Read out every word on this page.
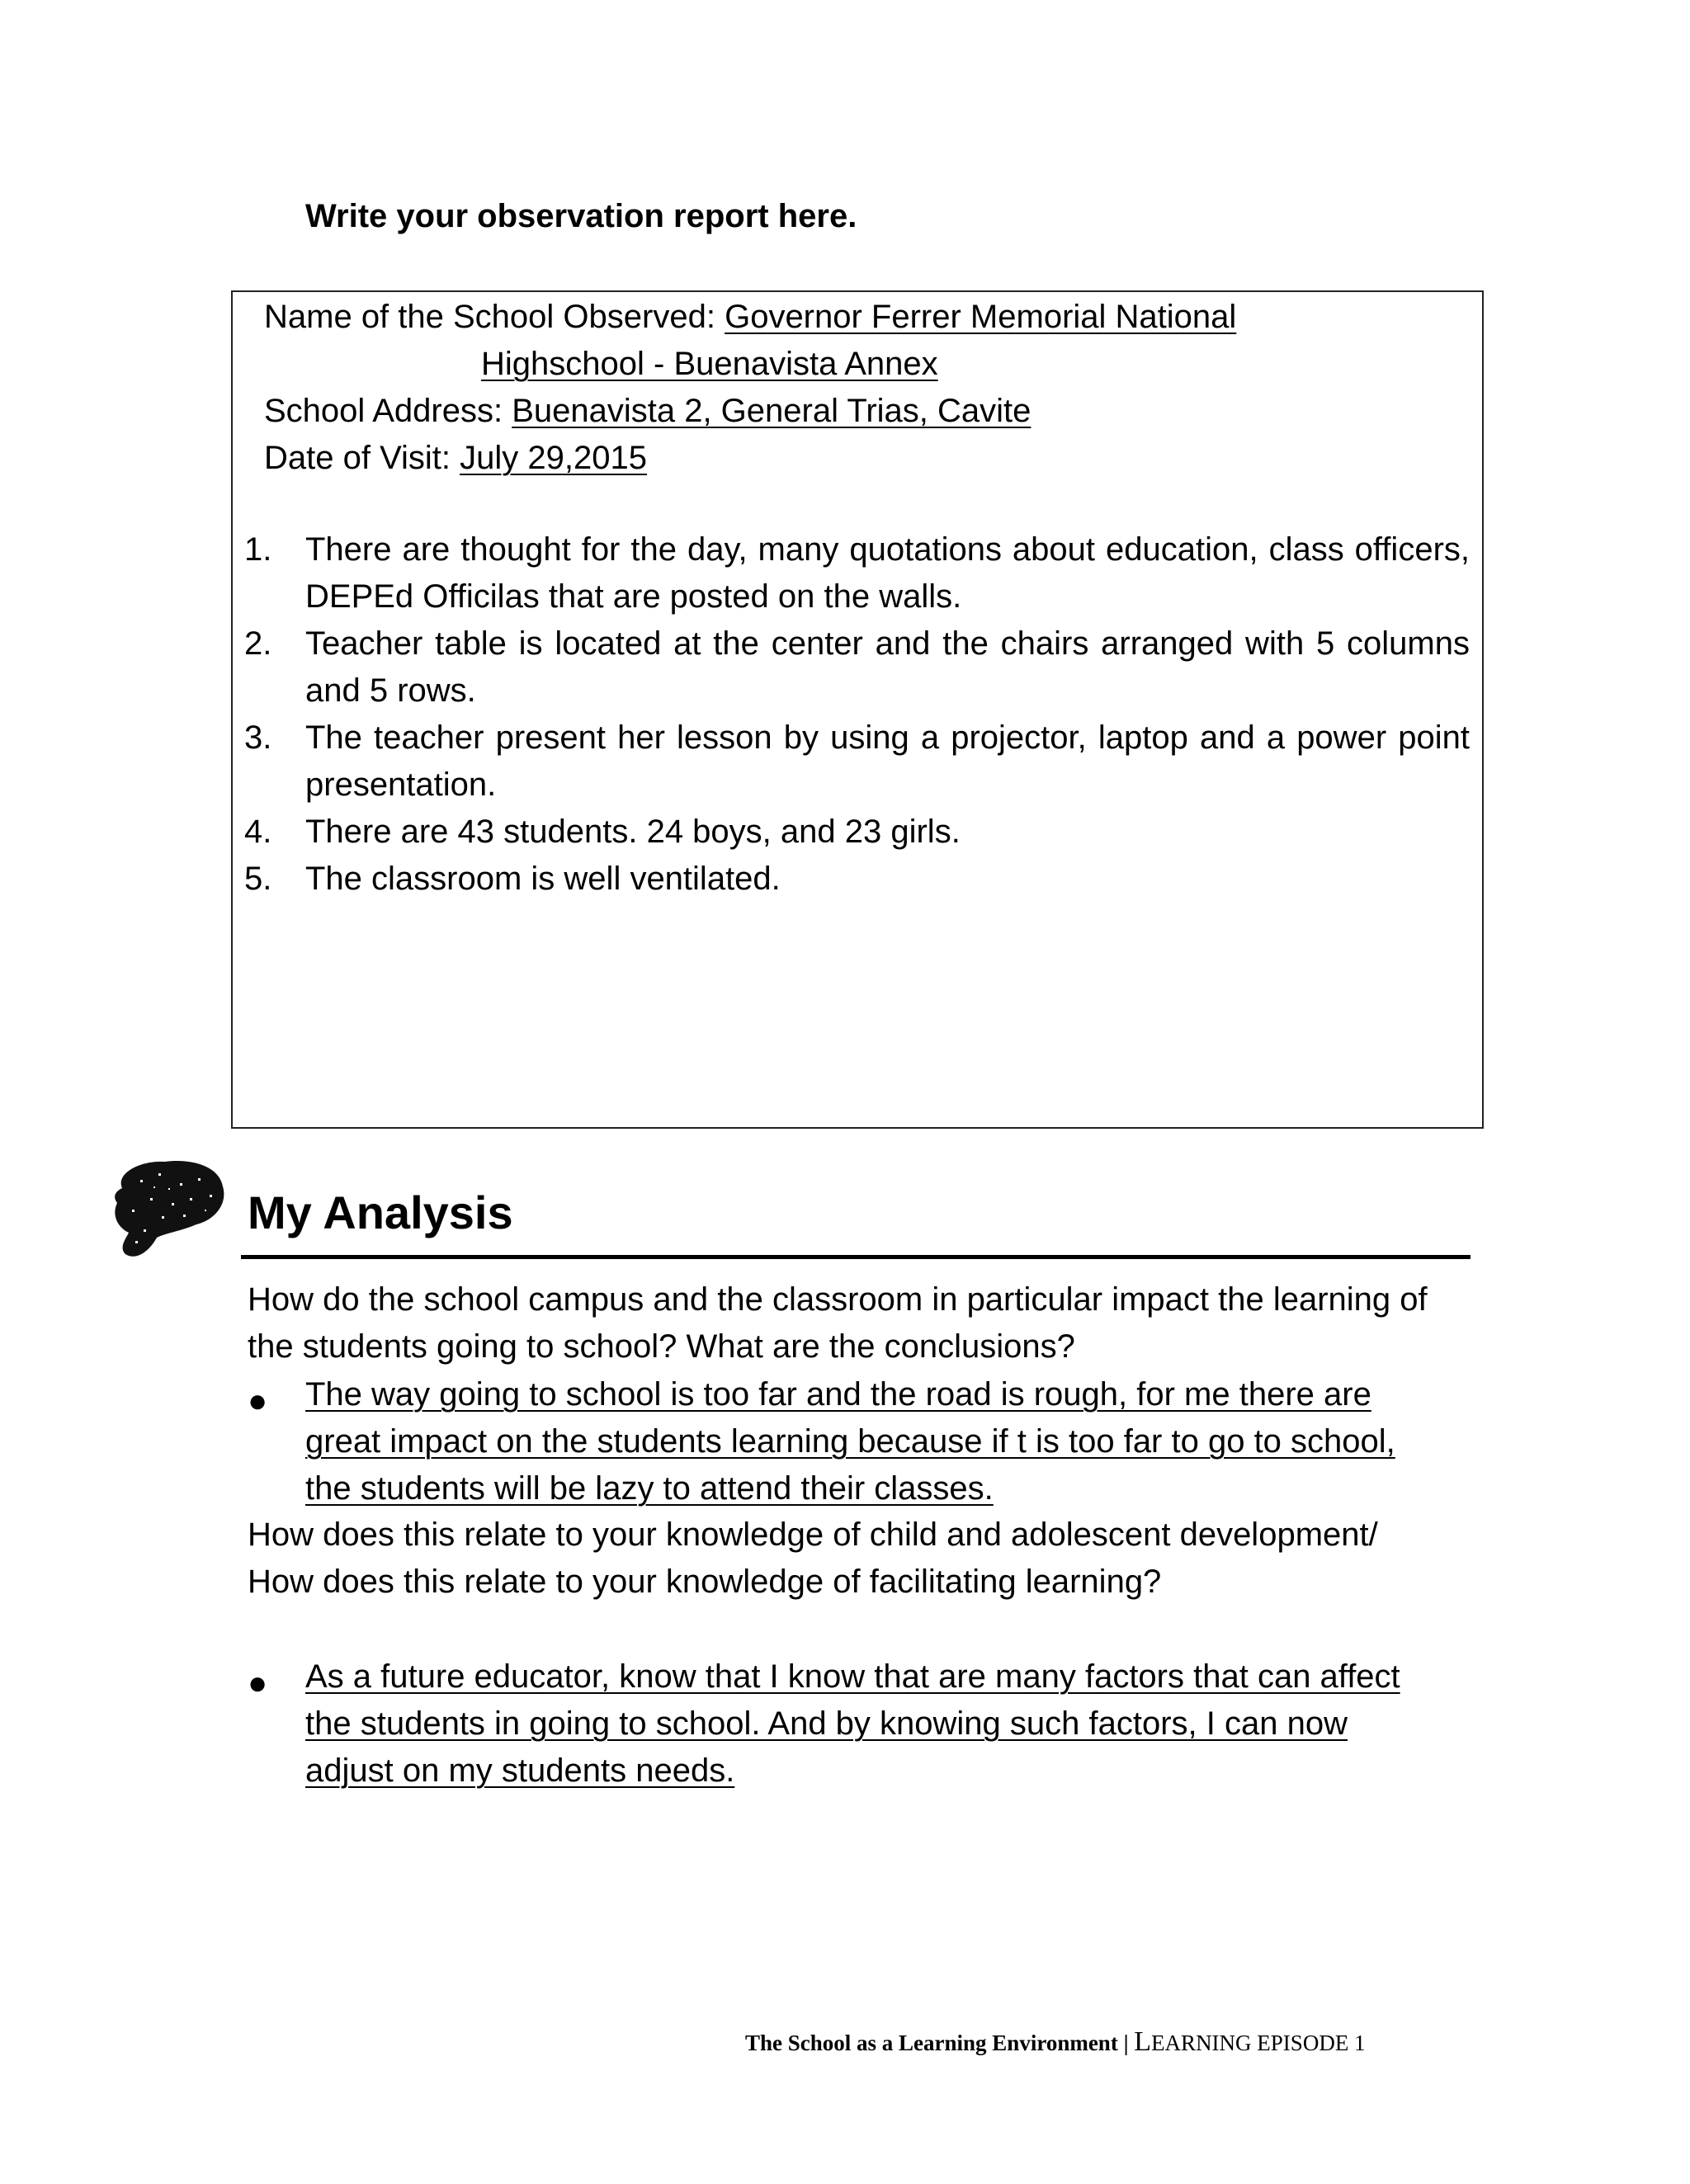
Write your observation report here.
Name of the School Observed: Governor Ferrer Memorial National
Highschool - Buenavista Annex
School Address: Buenavista 2, General Trias, Cavite
Date of Visit: July 29,2015
1. There are thought for the day, many quotations about education, class officers, DEPEd Officilas that are posted on the walls.
2. Teacher table is located at the center and the chairs arranged with 5 columns and 5 rows.
3. The teacher present her lesson by using a projector, laptop and a power point presentation.
4. There are 43 students. 24 boys, and 23 girls.
5. The classroom is well ventilated.
My Analysis
How do the school campus and the classroom in particular impact the learning of the students going to school? What are the conclusions?
● The way going to school is too far and the road is rough, for me there are great impact on the students learning because if t is too far to go to school, the students will be lazy to attend their classes.
How does this relate to your knowledge of child and adolescent development/ How does this relate to your knowledge of facilitating learning?
● As a future educator, know that I know that are many factors that can affect the students in going to school. And by knowing such factors, I can now adjust on my students needs.
The School as a Learning Environment | LEARNING EPISODE 1
